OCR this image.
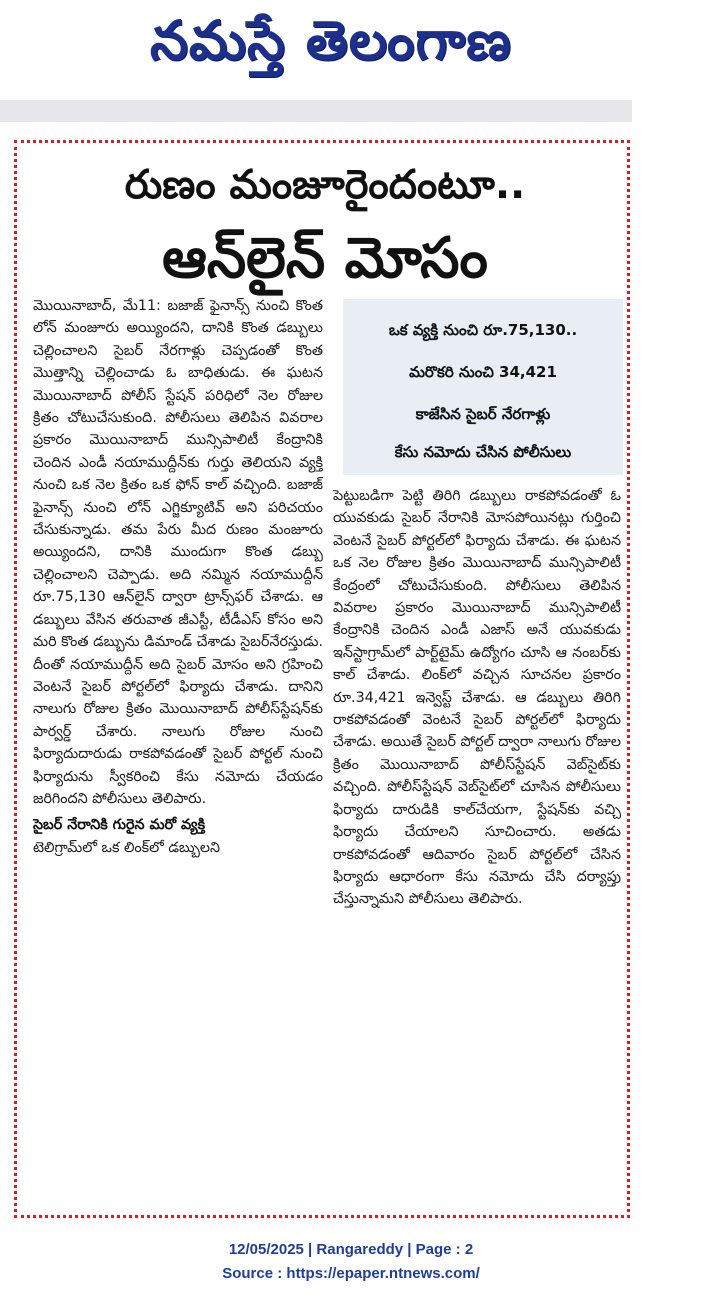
నమస్తే తెలంగాణ
రుణం మంజూరైందంటూ..
ఆన్‌లైన్ మోసం

మొయినాబాద్, మే11: బజాజ్ ఫైనాన్స్ నుంచి కొంత లోన్ మంజూరు అయ్యిందని, దానికి కొంత డబ్బులు చెల్లించాలని సైబర్ నేరగాళ్లు చెప్పడంతో కొంత మొత్తాన్ని చెల్లించాడు ఓ బాధితుడు. ఈ ఘటన మొయినాబాద్ పోలీస్ స్టేషన్ పరిధిలో నెల రోజుల క్రితం చోటుచేసుకుంది. పోలీసులు తెలిపిన వివరాల ప్రకారం మొయినాబాద్ మున్సిపాలిటీ కేంద్రానికి చెందిన ఎండీ నయాముద్దీన్‌కు గుర్తు తెలియని వ్యక్తి నుంచి ఒక నెల క్రితం ఒక ఫోన్ కాల్ వచ్చింది. బజాజ్ ఫైనాన్స్ నుంచి లోన్ ఎగ్జిక్యూటివ్ అని పరిచయం చేసుకున్నాడు. తమ పేరు మీద రుణం మంజూరు అయ్యిందని, దానికి ముందుగా కొంత డబ్బు చెల్లించాలని చెప్పాడు. అది నమ్మిన నయాముద్దీన్ రూ.75,130 ఆన్‌లైన్ ద్వారా ట్రాన్స్‌ఫర్ చేశాడు. ఆ డబ్బులు వేసిన తరువాత జీఎస్టీ, టీడీఎస్ కోసం అని మరి కొంత డబ్బును డిమాండ్ చేశాడు సైబర్‌నేరస్తుడు. దీంతో నయాముద్దీన్ అది సైబర్ మోసం అని గ్రహించి వెంటనే సైబర్ పోర్టల్‌లో ఫిర్యాదు చేశాడు. దానిని నాలుగు రోజుల క్రితం మొయినాబాద్ పోలీస్‌స్టేషన్‌కు పార్వర్డ్ చేశారు. నాలుగు రోజుల నుంచి ఫిర్యాదుదారుడు రాకపోవడంతో సైబర్ పోర్టల్ నుంచి ఫిర్యాదును స్వీకరించి కేసు నమోదు చేయడం జరిగిందని పోలీసులు తెలిపారు.

సైబర్ నేరానికి గురైన మరో వ్యక్తి

టెలిగ్రామ్‌లో ఒక లింక్‌లో డబ్బులని

ఒక వ్యక్తి నుంచి రూ.75,130..
మరొకరి నుంచి 34,421
కాజేసిన సైబర్ నేరగాళ్లు
కేసు నమోదు చేసిన పోలీసులు

పెట్టుబడిగా పెట్టి తిరిగి డబ్బులు రాకపోవడంతో ఓ యువకుడు సైబర్ నేరానికి మోసపోయినట్లు గుర్తించి వెంటనే సైబర్ పోర్టల్‌లో ఫిర్యాదు చేశాడు. ఈ ఘటన ఒక నెల రోజుల క్రితం మొయినాబాద్ మున్సిపాలిటీ కేంద్రంలో చోటుచేసుకుంది. పోలీసులు తెలిపిన వివరాల ప్రకారం మొయినాబాద్ మున్సిపాలిటీ కేంద్రానికి చెందిన ఎండీ ఎజాస్ అనే యువకుడు ఇన్‌స్టాగ్రామ్‌లో పార్ట్‌టైమ్ ఉద్యోగం చూసి ఆ నంబర్‌కు కాల్ చేశాడు. లింక్‌లో వచ్చిన సూచనల ప్రకారం రూ.34,421 ఇన్వెస్ట్ చేశాడు. ఆ డబ్బులు తిరిగి రాకపోవడంతో వెంటనే సైబర్ పోర్టల్‌లో ఫిర్యాదు చేశాడు. అయితే సైబర్ పోర్టల్ ద్వారా నాలుగు రోజుల క్రితం మొయినాబాద్ పోలీస్‌స్టేషన్ వెబ్‌సైట్‌కు వచ్చింది. పోలీస్‌స్టేషన్ వెబ్‌సైట్‌లో చూసిన పోలీసులు ఫిర్యాదు దారుడికి కాల్‌చేయగా, స్టేషన్‌కు వచ్చి ఫిర్యాదు చేయాలని సూచించారు. అతడు రాకపోవడంతో ఆదివారం సైబర్ పోర్టల్‌లో చేసిన ఫిర్యాదు ఆధారంగా కేసు నమోదు చేసి దర్యాప్తు చేస్తున్నామని పోలీసులు తెలిపారు.

12/05/2025 | Rangareddy | Page : 2
Source : https://epaper.ntnews.com/
